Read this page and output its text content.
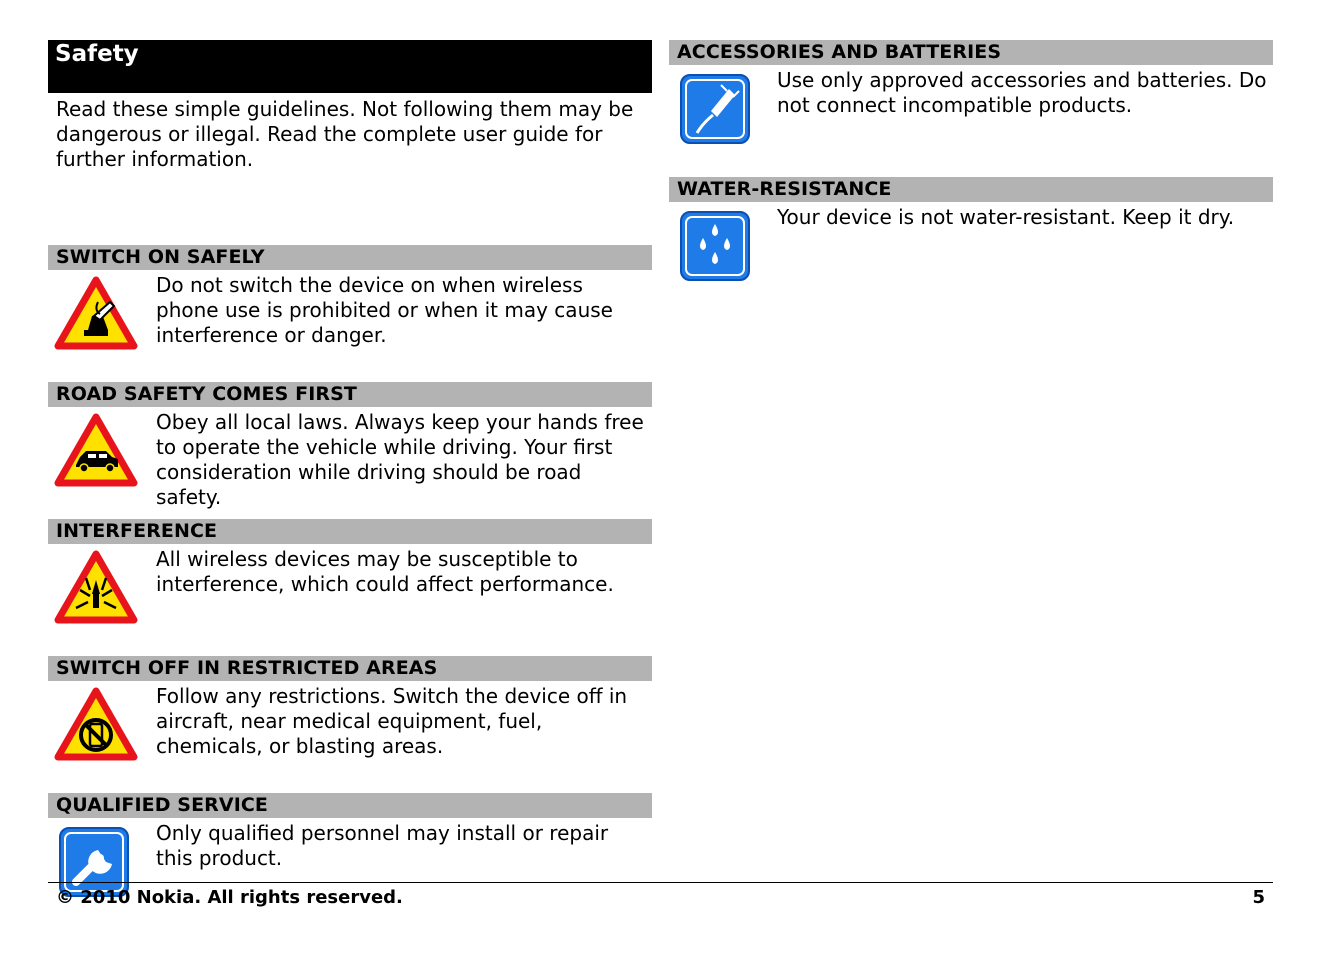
Safety
Read these simple guidelines. Not following them may be dangerous or illegal. Read the complete user guide for further information.
SWITCH ON SAFELY
Do not switch the device on when wireless phone use is prohibited or when it may cause interference or danger.
ROAD SAFETY COMES FIRST
Obey all local laws. Always keep your hands free to operate the vehicle while driving. Your first consideration while driving should be road safety.
INTERFERENCE
All wireless devices may be susceptible to interference, which could affect performance.
SWITCH OFF IN RESTRICTED AREAS
Follow any restrictions. Switch the device off in aircraft, near medical equipment, fuel, chemicals, or blasting areas.
QUALIFIED SERVICE
Only qualified personnel may install or repair this product.
ACCESSORIES AND BATTERIES
Use only approved accessories and batteries. Do not connect incompatible products.
WATER-RESISTANCE
Your device is not water-resistant. Keep it dry.
© 2010 Nokia. All rights reserved.	5
